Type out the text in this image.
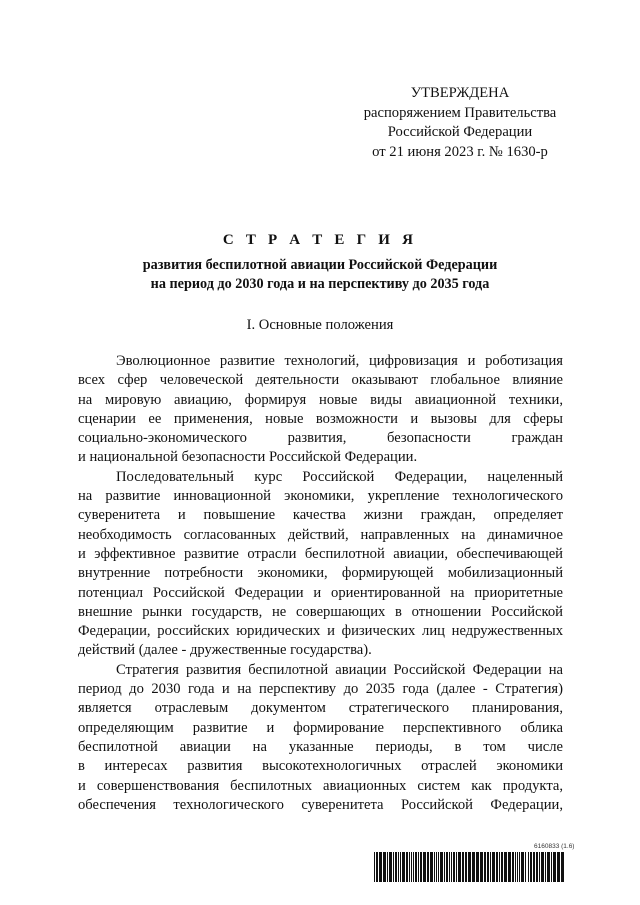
УТВЕРЖДЕНА
распоряжением Правительства
Российской Федерации
от 21 июня 2023 г. № 1630-р
С Т Р А Т Е Г И Я
развития беспилотной авиации Российской Федерации
на период до 2030 года и на перспективу до 2035 года
I. Основные положения
Эволюционное развитие технологий, цифровизация и роботизация
всех сфер человеческой деятельности оказывают глобальное влияние
на мировую авиацию, формируя новые виды авиационной техники,
сценарии ее применения, новые возможности и вызовы для сферы
социально-экономического развития, безопасности граждан
и национальной безопасности Российской Федерации.
Последовательный курс Российской Федерации, нацеленный
на развитие инновационной экономики, укрепление технологического
суверенитета и повышение качества жизни граждан, определяет
необходимость согласованных действий, направленных на динамичное
и эффективное развитие отрасли беспилотной авиации, обеспечивающей
внутренние потребности экономики, формирующей мобилизационный
потенциал Российской Федерации и ориентированной на приоритетные
внешние рынки государств, не совершающих в отношении Российской
Федерации, российских юридических и физических лиц недружественных
действий (далее - дружественные государства).
Стратегия развития беспилотной авиации Российской Федерации на
период до 2030 года и на перспективу до 2035 года (далее - Стратегия)
является отраслевым документом стратегического планирования,
определяющим развитие и формирование перспективного облика
беспилотной авиации на указанные периоды, в том числе
в интересах развития высокотехнологичных отраслей экономики
и совершенствования беспилотных авиационных систем как продукта,
обеспечения технологического суверенитета Российской Федерации,
6160833 (1.6)
